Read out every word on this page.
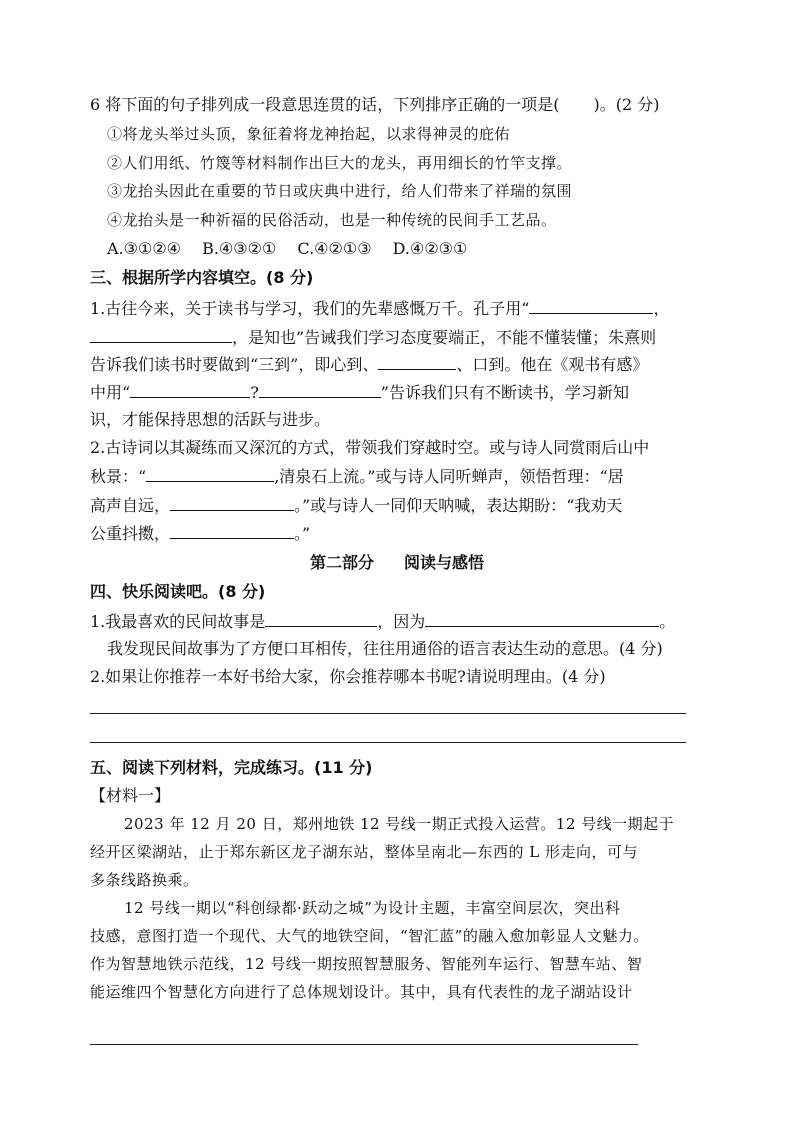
6 将下面的句子排列成一段意思连贯的话，下列排序正确的一项是( )。(2 分)
①将龙头举过头顶，象征着将龙神抬起，以求得神灵的庇佑
②人们用纸、竹篾等材料制作出巨大的龙头，再用细长的竹竿支撑。
③龙抬头因此在重要的节日或庆典中进行，给人们带来了祥瑞的氛围
④龙抬头是一种祈福的民俗活动，也是一种传统的民间手工艺品。
A.③①②④　 B.④③②①　 C.④②①③　 D.④②③①
三、根据所学内容填空。(8 分)
1.古往今来，关于读书与学习，我们的先辈感慨万千。孔子用“	，
，是知也”告诫我们学习态度要端正，不能不懂装懂；朱熹则
告诉我们读书时要做到“三到”，即心到、	、口到。他在《观书有感》
中用“	?	”告诉我们只有不断读书，学习新知
识，才能保持思想的活跃与进步。
2.古诗词以其凝练而又深沉的方式，带领我们穿越时空。或与诗人同赏雨后山中
秋景：“	,清泉石上流。”或与诗人同听蝉声，领悟哲理：“居
高声自远，	。”或与诗人一同仰天呐喊，表达期盼：“我劝天
公重抖擞，	。”
第二部分 阅读与感悟
四、快乐阅读吧。(8 分)
1.我最喜欢的民间故事是	，因为	。
我发现民间故事为了方便口耳相传，往往用通俗的语言表达生动的意思。(4 分)
2.如果让你推荐一本好书给大家，你会推荐哪本书呢?请说明理由。(4 分)
五、阅读下列材料，完成练习。(11 分)
【材料一】
2023 年 12 月 20 日，郑州地铁 12 号线一期正式投入运营。12 号线一期起于
经开区梁湖站，止于郑东新区龙子湖东站，整体呈南北—东西的 L 形走向，可与
多条线路换乘。
12 号线一期以“科创绿都·跃动之城”为设计主题，丰富空间层次，突出科
技感，意图打造一个现代、大气的地铁空间，“智汇蓝”的融入愈加彰显人文魅力。
作为智慧地铁示范线，12 号线一期按照智慧服务、智能列车运行、智慧车站、智
能运维四个智慧化方向进行了总体规划设计。其中，具有代表性的龙子湖站设计
